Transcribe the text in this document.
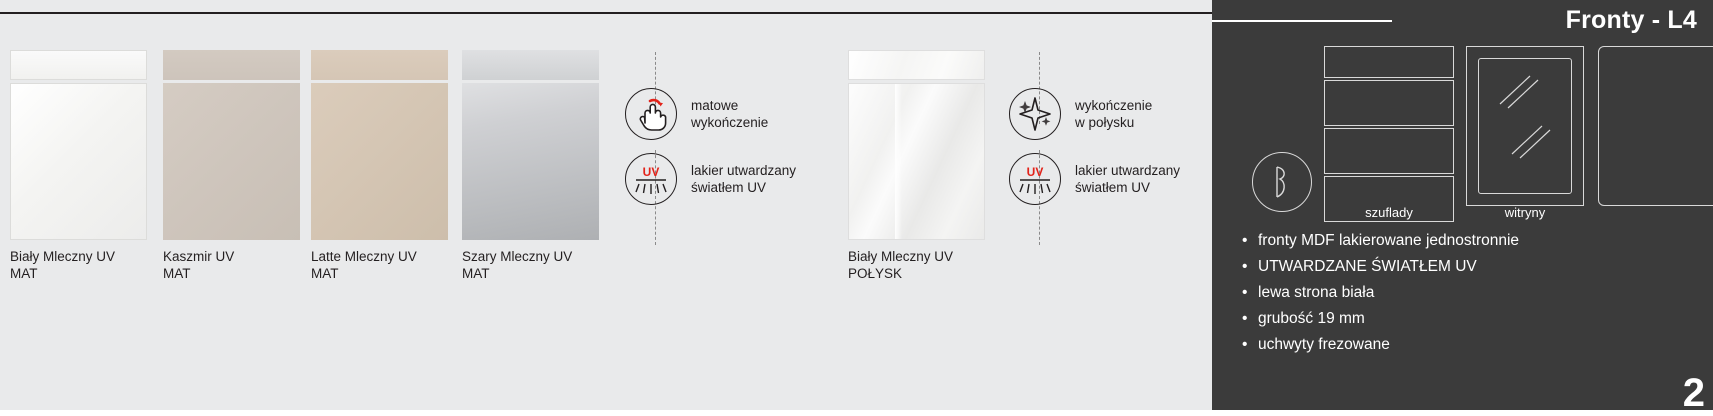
Biały Mleczny UV
MAT
Kaszmir UV
MAT
Latte Mleczny UV
MAT
Szary Mleczny UV
MAT
matowe
wykończenie
UV lakier utwardzany
światłem UV
Biały Mleczny UV
POŁYSK
wykończenie
w połysku
UV lakier utwardzany
światłem UV
Fronty - L4
szuflady	witryny
• fronty MDF lakierowane jednostronnie
• UTWARDZANE ŚWIATŁEM UV
• lewa strona biała
• grubość 19 mm
• uchwyty frezowane
2
